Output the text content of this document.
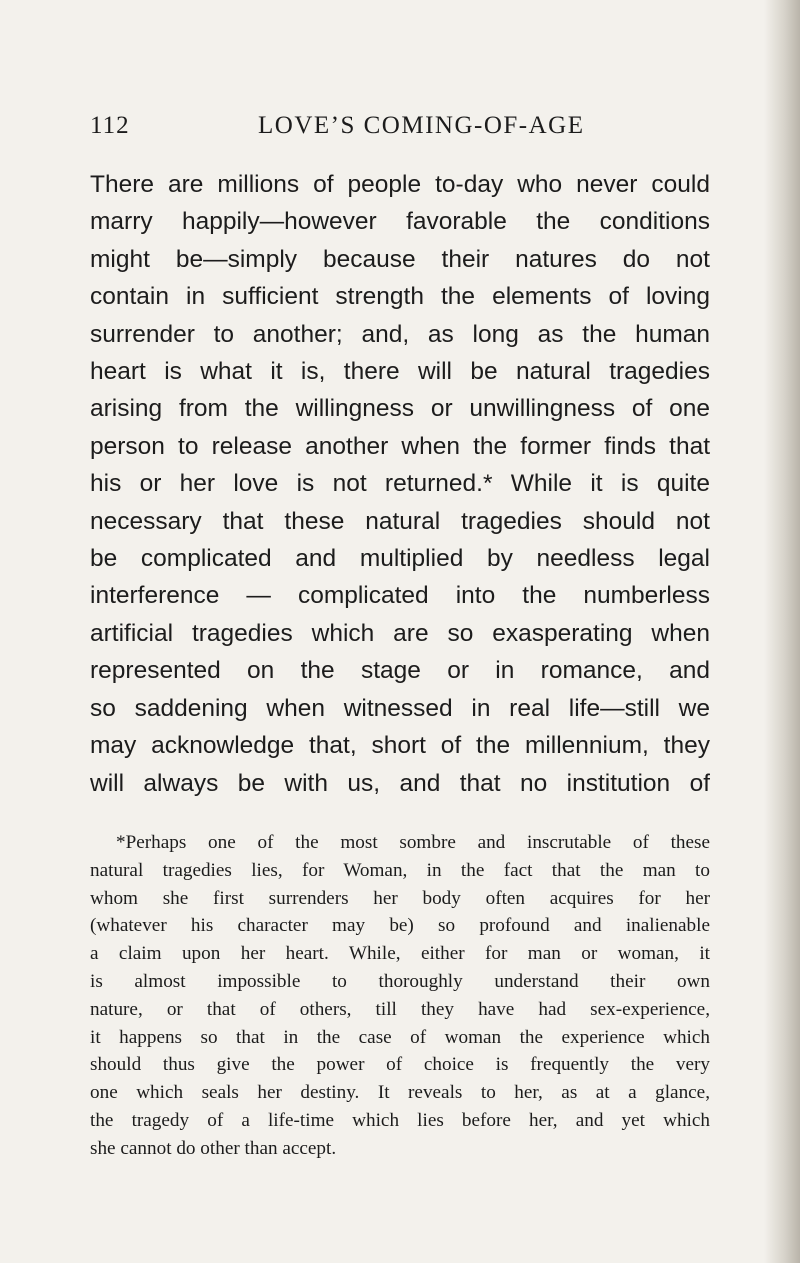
112	LOVE’S COMING-OF-AGE
There are millions of people to-day who never could
marry happily—however favorable the conditions
might be—simply because their natures do not
contain in sufficient strength the elements of loving
surrender to another; and, as long as the human
heart is what it is, there will be natural tragedies
arising from the willingness or unwillingness of one
person to release another when the former finds that
his or her love is not returned.* While it is quite
necessary that these natural tragedies should not
be complicated and multiplied by needless legal
interference — complicated into the numberless
artificial tragedies which are so exasperating when
represented on the stage or in romance, and
so saddening when witnessed in real life—still we
may acknowledge that, short of the millennium, they
will always be with us, and that no institution of
*Perhaps one of the most sombre and inscrutable of these
natural tragedies lies, for Woman, in the fact that the man to
whom she first surrenders her body often acquires for her
(whatever his character may be) so profound and inalienable
a claim upon her heart. While, either for man or woman, it
is almost impossible to thoroughly understand their own
nature, or that of others, till they have had sex-experience,
it happens so that in the case of woman the experience which
should thus give the power of choice is frequently the very
one which seals her destiny. It reveals to her, as at a glance,
the tragedy of a life-time which lies before her, and yet which
she cannot do other than accept.
